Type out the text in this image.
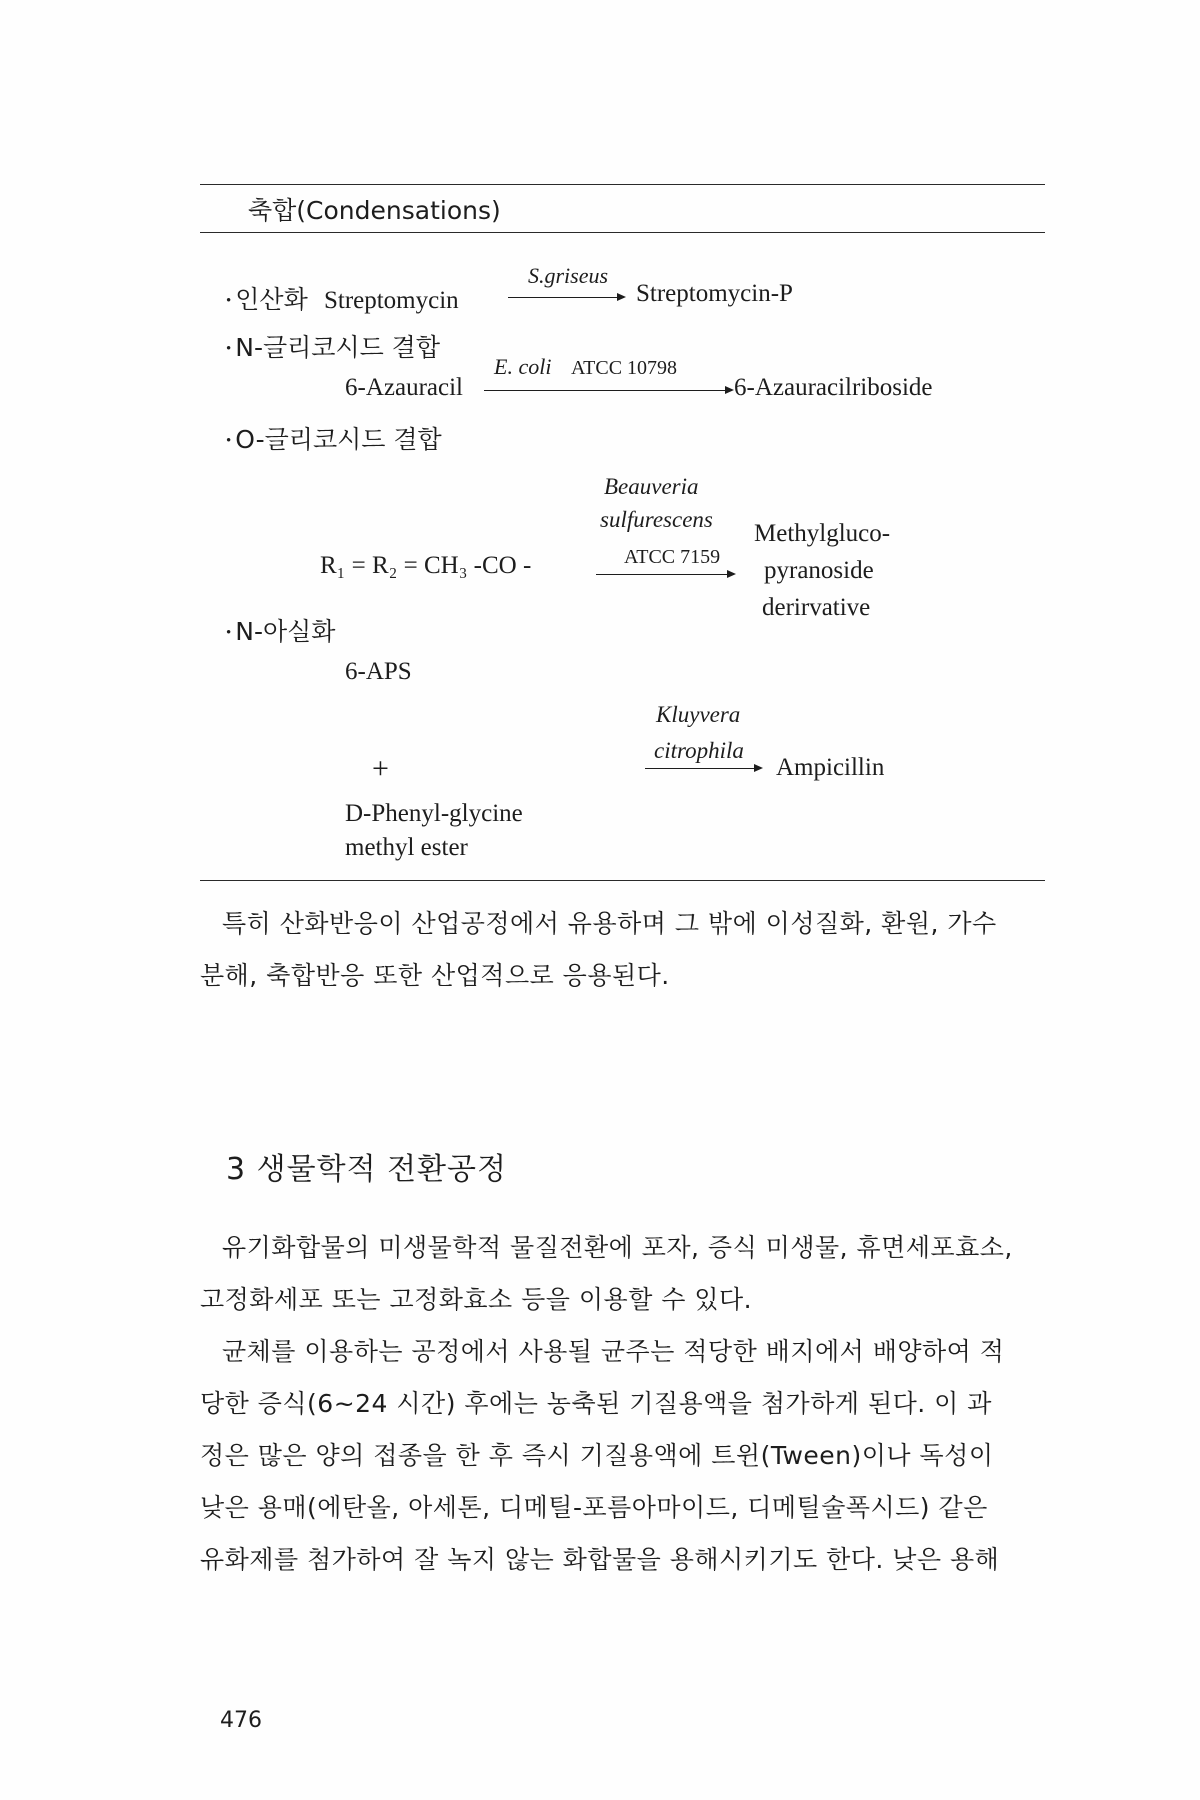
축합(Condensations)
• 인산화 Streptomycin
S.griseus
Streptomycin-P
• N-글리코시드 결합
6-Azauracil
E. coli ATCC 10798
6-Azauracilriboside
• O-글리코시드 결합
Beauveria
sulfurescens
R₁ = R₂ = CH₃ -CO -	ATCC 7159
Methylgluco-
pyranoside
derirvative
• N-아실화
6-APS
Kluyvera
citrophila
+	Ampicillin
D-Phenyl-glycine
methyl ester

특히 산화반응이 산업공정에서 유용하며 그 밖에 이성질화, 환원, 가수

분해, 축합반응 또한 산업적으로 응용된다.

3 생물학적 전환공정

유기화합물의 미생물학적 물질전환에 포자, 증식 미생물, 휴면세포효소,

고정화세포 또는 고정화효소 등을 이용할 수 있다.

균체를 이용하는 공정에서 사용될 균주는 적당한 배지에서 배양하여 적

당한 증식(6~24 시간) 후에는 농축된 기질용액을 첨가하게 된다. 이 과

정은 많은 양의 접종을 한 후 즉시 기질용액에 트윈(Tween)이나 독성이

낮은 용매(에탄올, 아세톤, 디메틸-포름아마이드, 디메틸술폭시드) 같은

유화제를 첨가하여 잘 녹지 않는 화합물을 용해시키기도 한다. 낮은 용해

476
